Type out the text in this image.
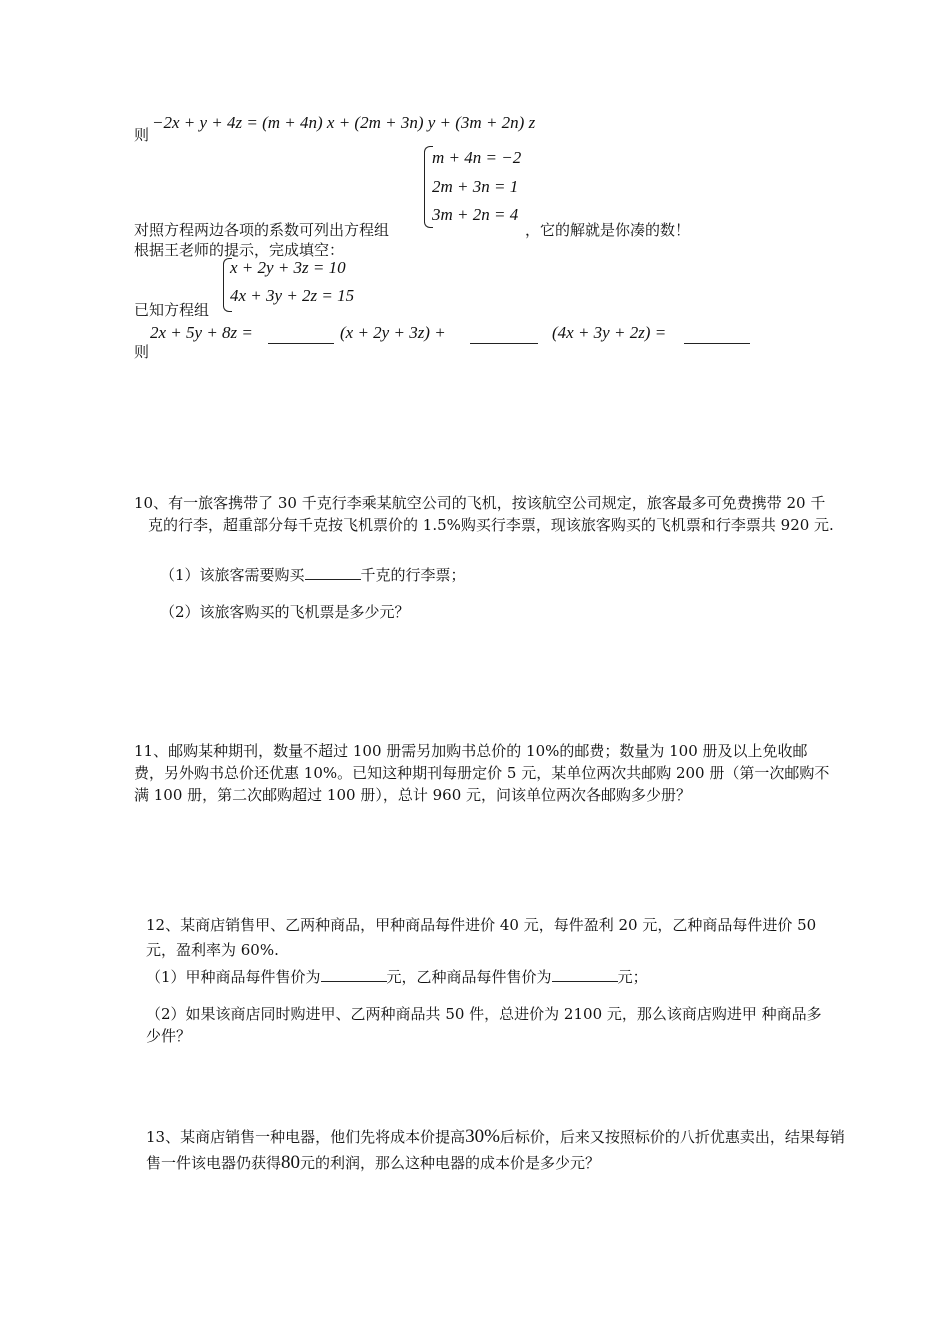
则
−2x + y + 4z = (m + 4n) x + (2m + 3n) y + (3m + 2n) z
m + 4n = −2
2m + 3n = 1
3m + 2n = 4
对照方程两边各项的系数可列出方程组	，它的解就是你凑的数！
根据王老师的提示，完成填空：
x + 2y + 3z = 10
4x + 3y + 2z = 15
已知方程组
2x + 5y + 8z =	(x + 2y + 3z) +	(4x + 3y + 2z) =
则
10、有一旅客携带了 30 千克行李乘某航空公司的飞机，按该航空公司规定，旅客最多可免费携带 20 千克的行李，超重部分每千克按飞机票价的 1.5%购买行李票，现该旅客购买的飞机票和行李票共 920 元.
（1）该旅客需要购买	千克的行李票；
（2）该旅客购买的飞机票是多少元？
11、邮购某种期刊，数量不超过 100 册需另加购书总价的 10%的邮费；数量为 100 册及以上免收邮费，另外购书总价还优惠 10%。已知这种期刊每册定价 5 元，某单位两次共邮购 200 册（第一次邮购不满 100 册，第二次邮购超过 100 册），总计 960 元，问该单位两次各邮购多少册？
12、某商店销售甲、乙两种商品，甲种商品每件进价 40 元，每件盈利 20 元，乙种商品每件进价 50 元，盈利率为 60%.
（1）甲种商品每件售价为	元，乙种商品每件售价为	元；
（2）如果该商店同时购进甲、乙两种商品共 50 件，总进价为 2100 元，那么该商店购进甲 种商品多少件？
13、某商店销售一种电器，他们先将成本价提高30%后标价，后来又按照标价的八折优惠卖出，结果每销售一件该电器仍获得80元的利润，那么这种电器的成本价是多少元？
